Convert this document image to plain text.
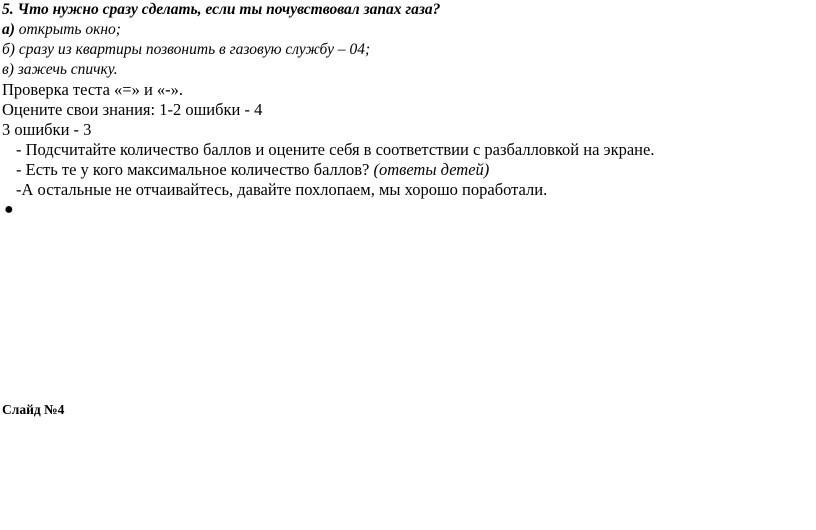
5. Что нужно сразу сделать, если ты почувствовал запах газа?
а) открыть окно;
б) сразу из квартиры позвонить в газовую службу – 04;
в) зажечь спичку.
Проверка теста «=» и «-».
Оцените свои знания: 1-2 ошибки - 4
3 ошибки - 3
- Подсчитайте количество баллов и оцените себя в соответствии с разбалловкой на экране.
- Есть те у кого максимальное количество баллов? (ответы детей)
-А остальные не отчаивайтесь, давайте похлопаем, мы хорошо поработали.
●
Слайд №4
